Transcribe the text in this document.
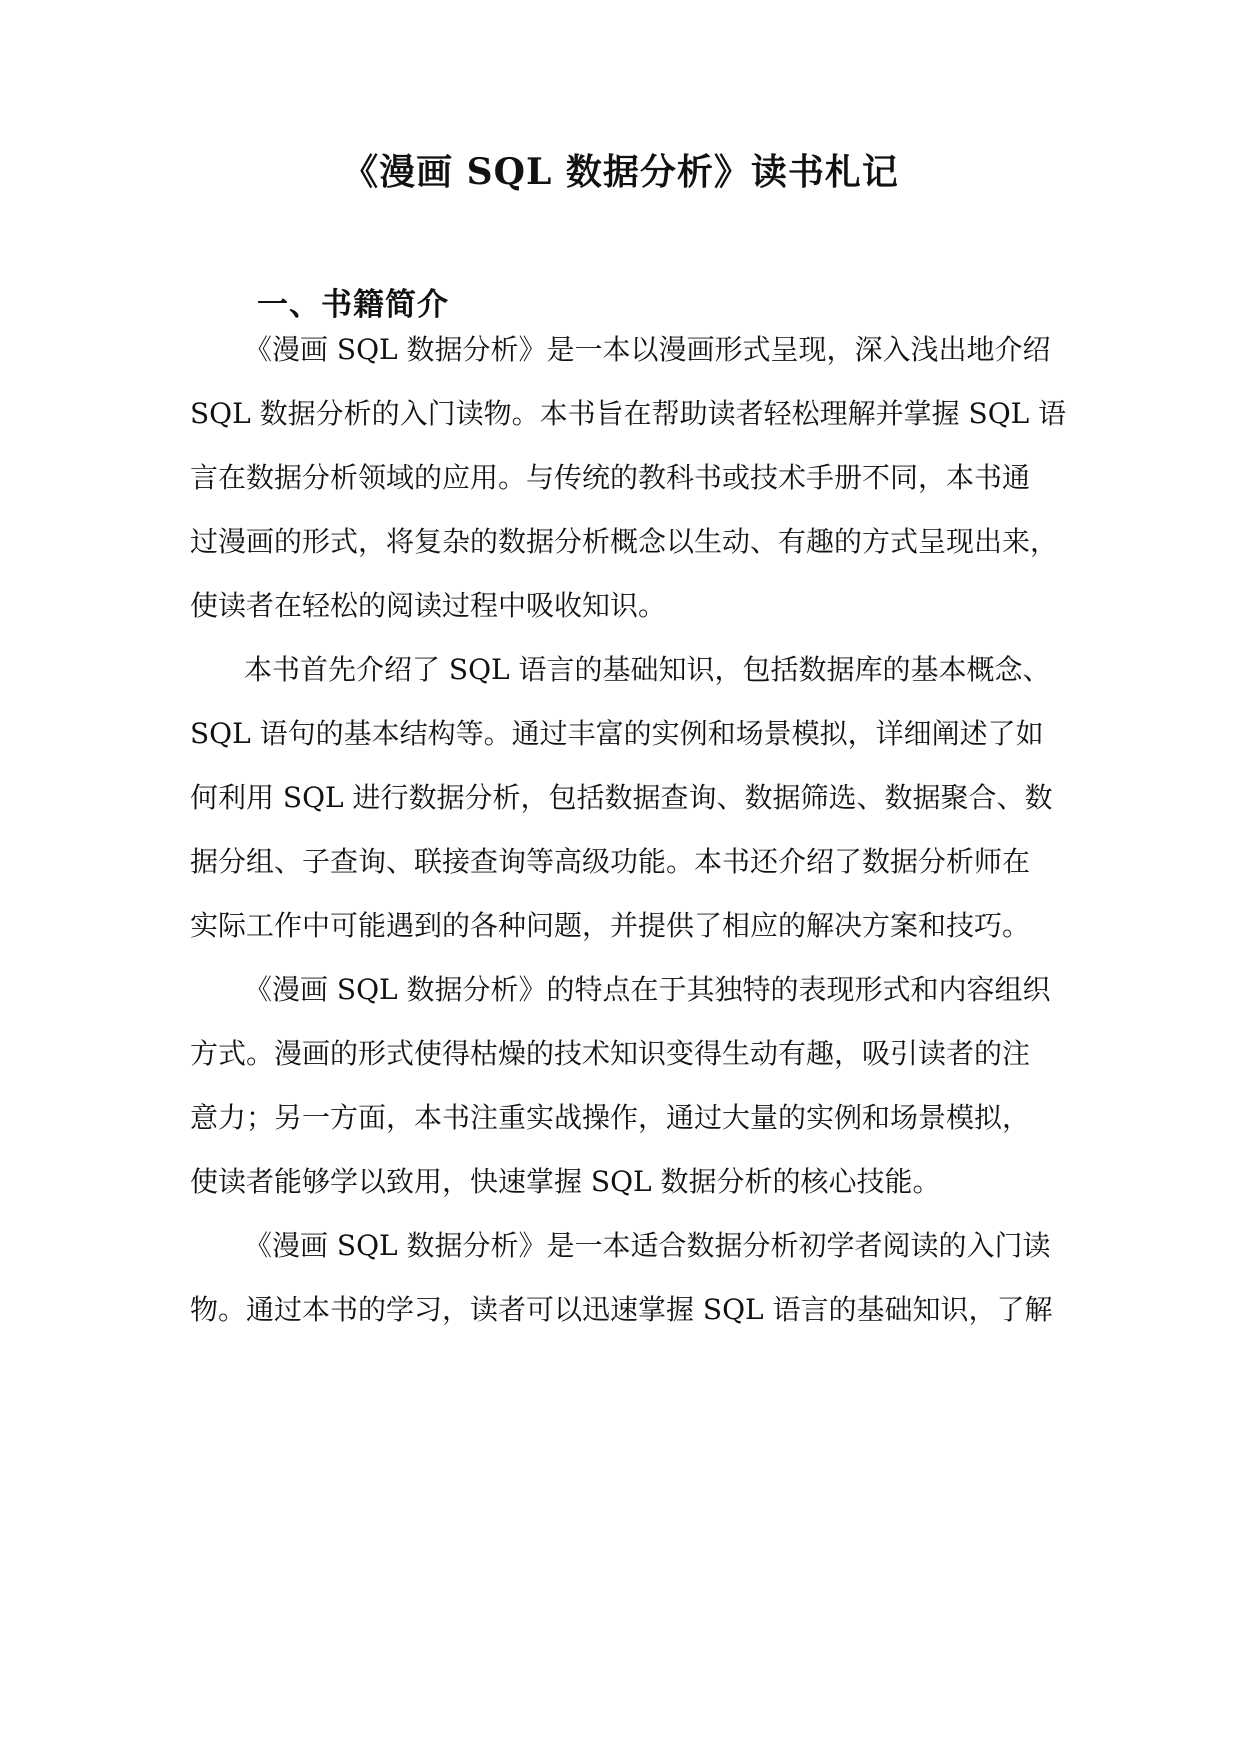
《漫画 SQL 数据分析》读书札记
一、书籍简介

《漫画 SQL 数据分析》是一本以漫画形式呈现，深入浅出地介绍

SQL 数据分析的入门读物。本书旨在帮助读者轻松理解并掌握 SQL 语

言在数据分析领域的应用。与传统的教科书或技术手册不同，本书通

过漫画的形式，将复杂的数据分析概念以生动、有趣的方式呈现出来，

使读者在轻松的阅读过程中吸收知识。

本书首先介绍了 SQL 语言的基础知识，包括数据库的基本概念、

SQL 语句的基本结构等。通过丰富的实例和场景模拟，详细阐述了如

何利用 SQL 进行数据分析，包括数据查询、数据筛选、数据聚合、数

据分组、子查询、联接查询等高级功能。本书还介绍了数据分析师在

实际工作中可能遇到的各种问题，并提供了相应的解决方案和技巧。

《漫画 SQL 数据分析》的特点在于其独特的表现形式和内容组织

方式。漫画的形式使得枯燥的技术知识变得生动有趣，吸引读者的注

意力；另一方面，本书注重实战操作，通过大量的实例和场景模拟，

使读者能够学以致用，快速掌握 SQL 数据分析的核心技能。

《漫画 SQL 数据分析》是一本适合数据分析初学者阅读的入门读

物。通过本书的学习，读者可以迅速掌握 SQL 语言的基础知识，了解
